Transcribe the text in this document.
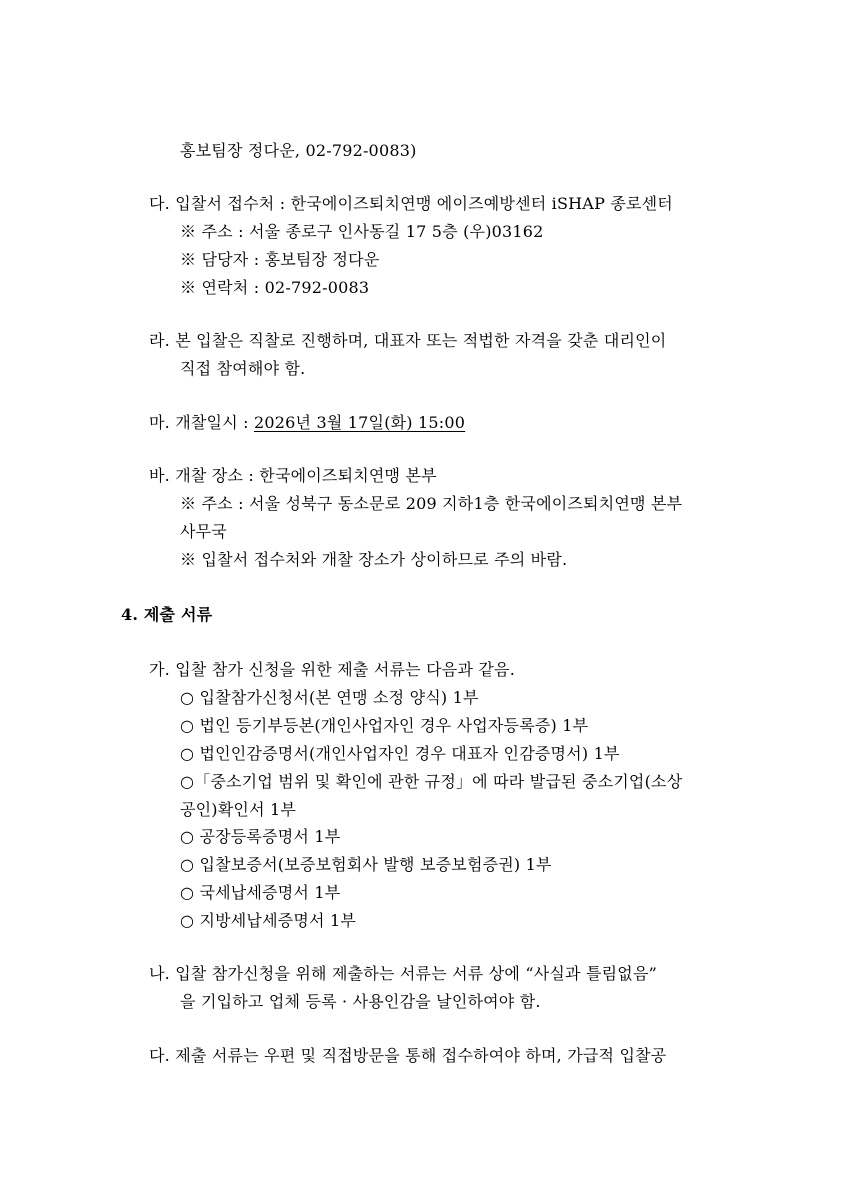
홍보팀장 정다운, 02-792-0083)
다. 입찰서 접수처 : 한국에이즈퇴치연맹 에이즈예방센터 iSHAP 종로센터
※ 주소 : 서울 종로구 인사동길 17 5층 (우)03162
※ 담당자 : 홍보팀장 정다운
※ 연락처 : 02-792-0083
라. 본 입찰은 직찰로 진행하며, 대표자 또는 적법한 자격을 갖춘 대리인이
직접 참여해야 함.
마. 개찰일시 : 2026년 3월 17일(화) 15:00
바. 개찰 장소 : 한국에이즈퇴치연맹 본부
※ 주소 : 서울 성북구 동소문로 209 지하1층 한국에이즈퇴치연맹 본부
사무국
※ 입찰서 접수처와 개찰 장소가 상이하므로 주의 바람.
4. 제출 서류
가. 입찰 참가 신청을 위한 제출 서류는 다음과 같음.
○ 입찰참가신청서(본 연맹 소정 양식) 1부
○ 법인 등기부등본(개인사업자인 경우 사업자등록증) 1부
○ 법인인감증명서(개인사업자인 경우 대표자 인감증명서) 1부
○「중소기업 범위 및 확인에 관한 규정」에 따라 발급된 중소기업(소상
공인)확인서 1부
○ 공장등록증명서 1부
○ 입찰보증서(보증보험회사 발행 보증보험증권) 1부
○ 국세납세증명서 1부
○ 지방세납세증명서 1부
나. 입찰 참가신청을 위해 제출하는 서류는 서류 상에 “사실과 틀림없음”
을 기입하고 업체 등록 · 사용인감을 날인하여야 함.
다. 제출 서류는 우편 및 직접방문을 통해 접수하여야 하며, 가급적 입찰공
